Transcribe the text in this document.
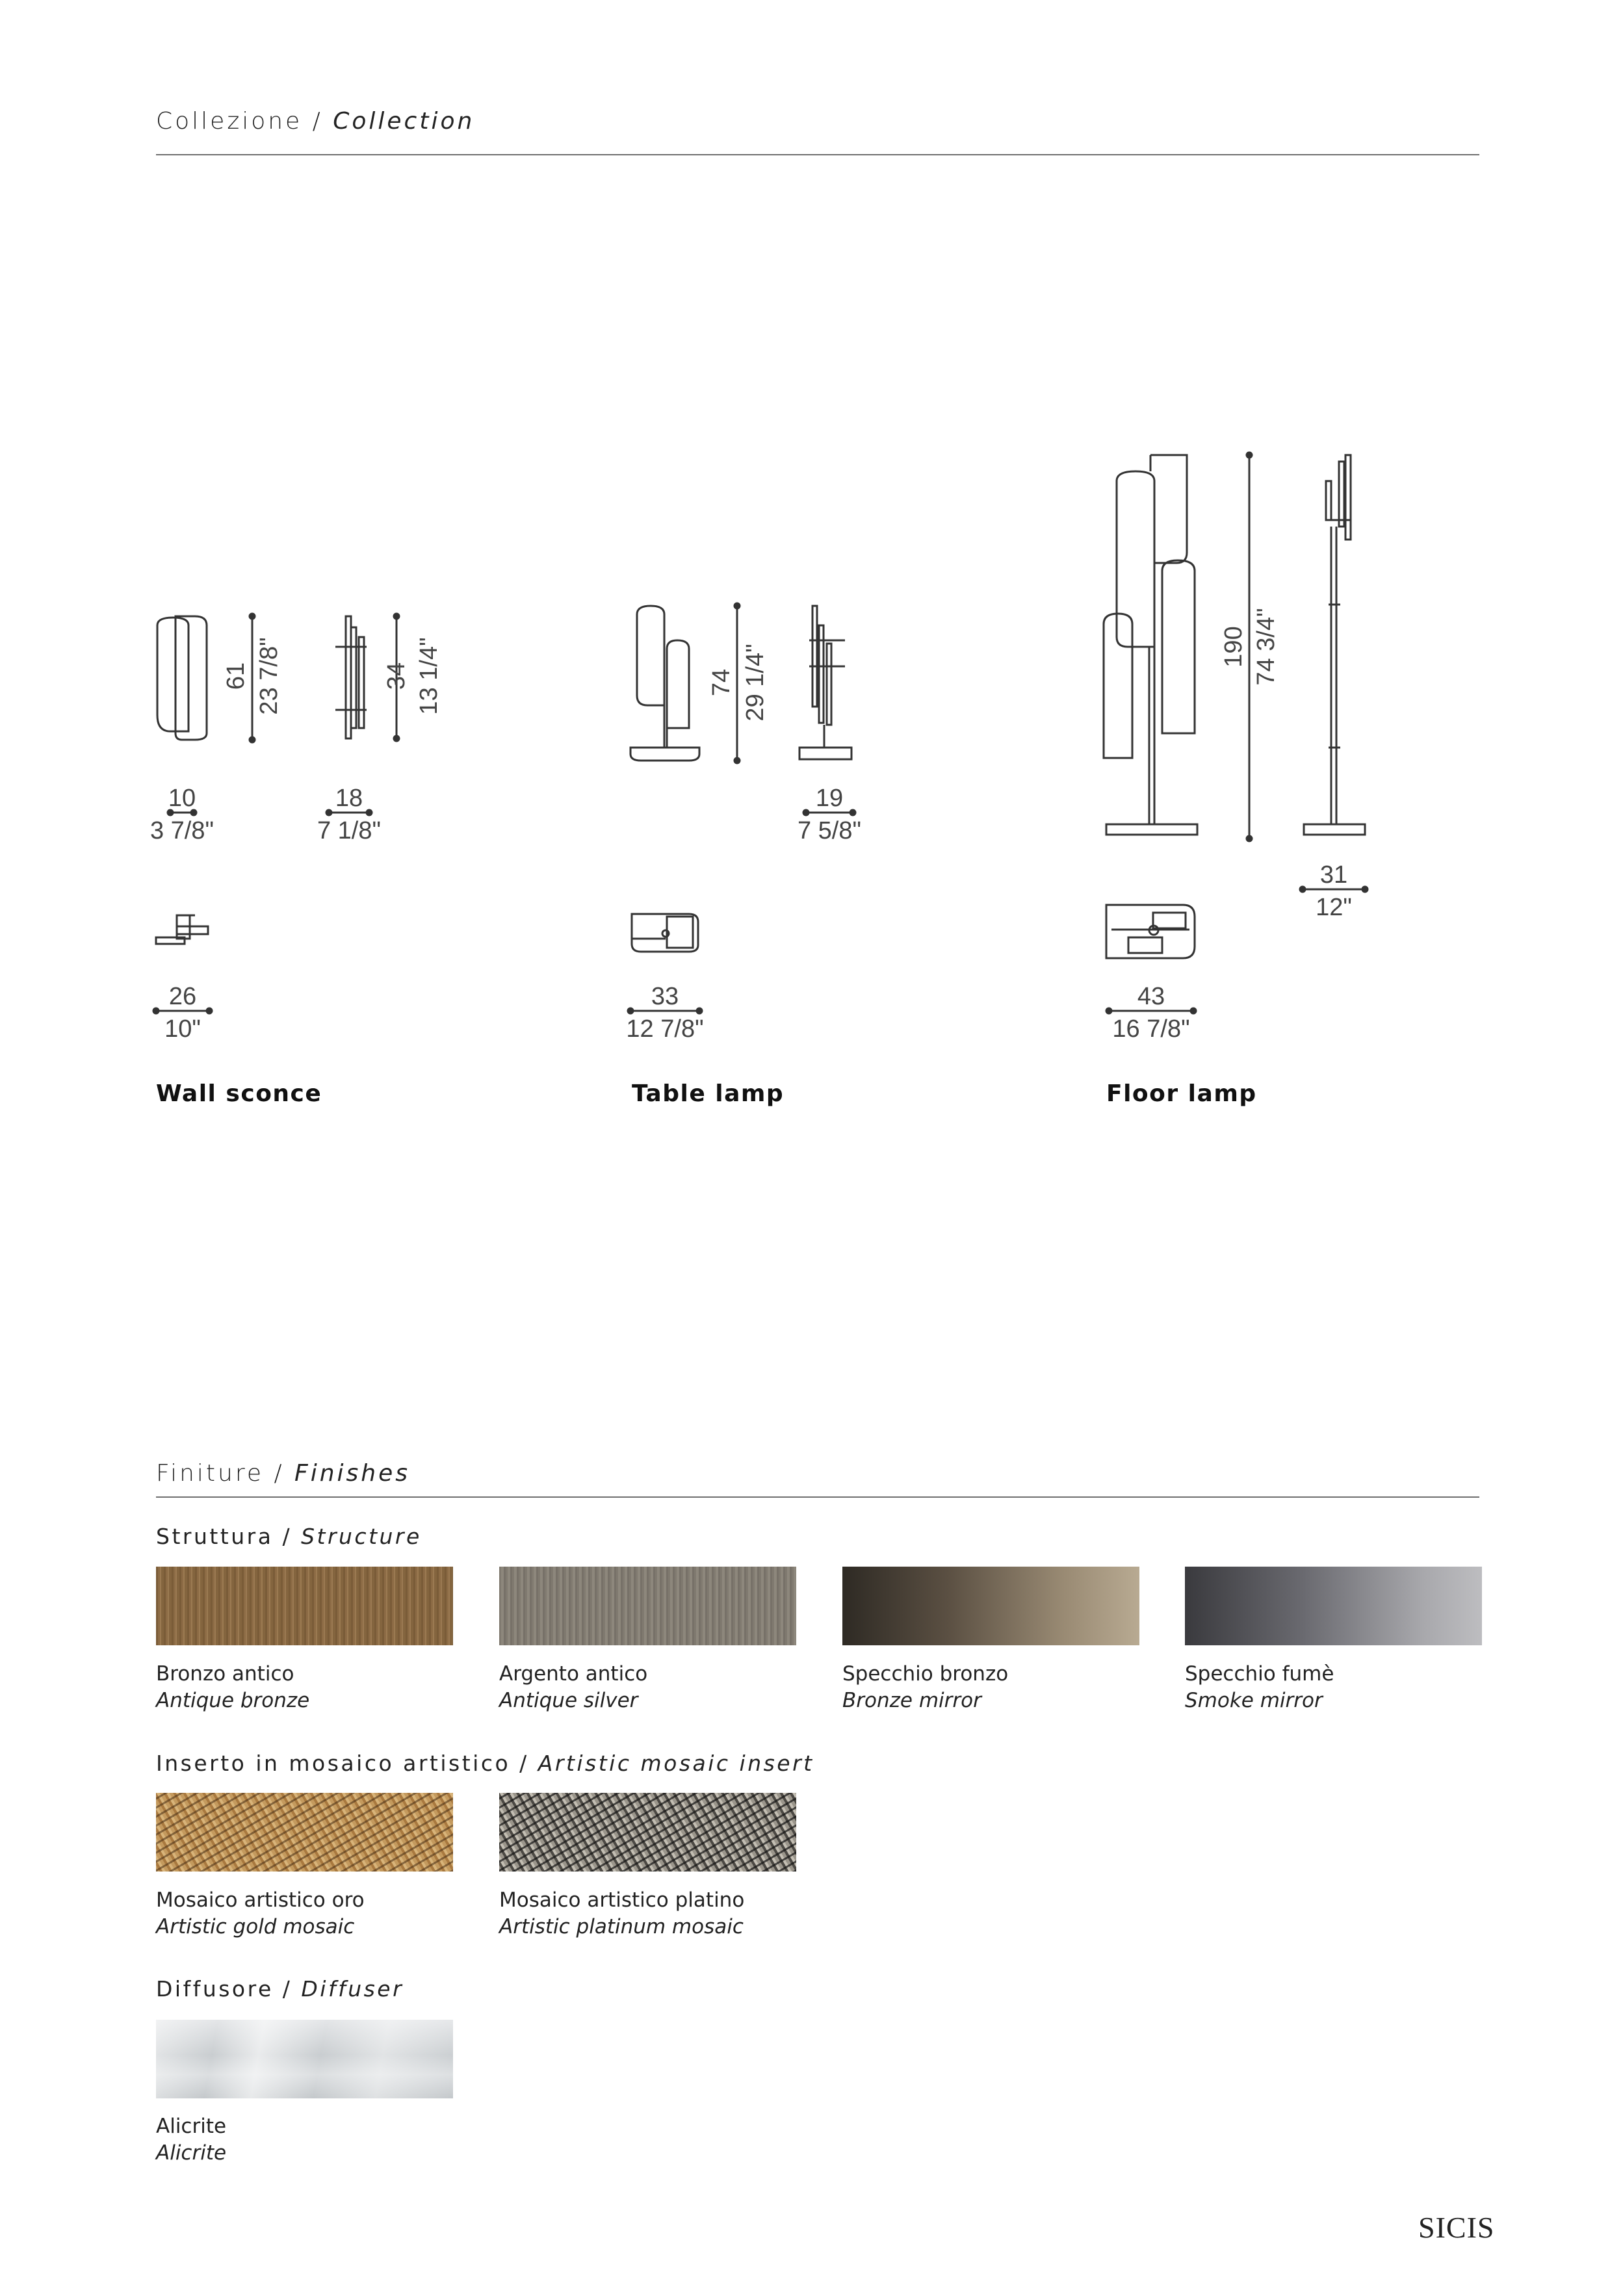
Collezione / Collection
61 23 7/8"	34 13 1/4"
10
3 7/8"
18
7 1/8"
26
10"
74 29 1/4"
19
7 5/8"
33
12 7/8"
190 74 3/4"
31
12"
43
16 7/8"
Wall sconce	Table lamp	Floor lamp
Finiture / Finishes
Struttura / Structure
Bronzo antico
Antique bronze
Argento antico
Antique silver
Specchio bronzo
Bronze mirror
Specchio fumè
Smoke mirror
Inserto in mosaico artistico / Artistic mosaic insert
Mosaico artistico oro
Artistic gold mosaic
Mosaico artistico platino
Artistic platinum mosaic
Diffusore / Diffuser
Alicrite
Alicrite
SICIS
